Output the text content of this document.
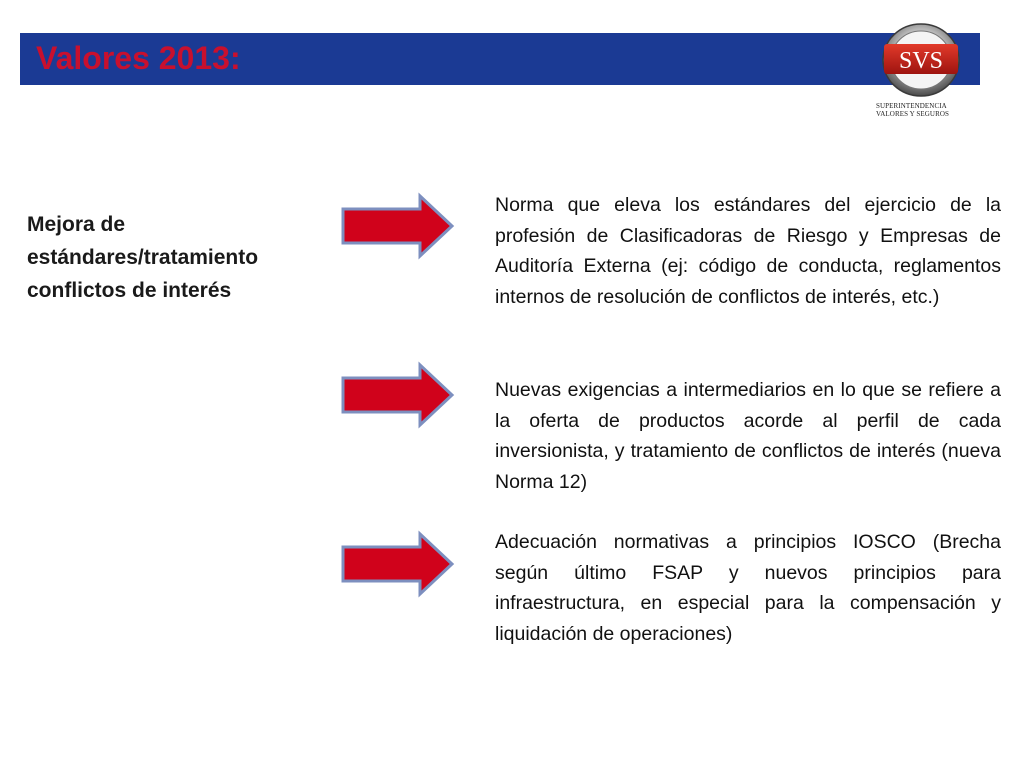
Valores 2013:	SVS
SUPERINTENDENCIA
VALORES Y SEGUROS
Mejora de estándares/tratamiento conflictos de interés
Norma que eleva los estándares del ejercicio de la profesión de Clasificadoras de Riesgo y Empresas de Auditoría Externa (ej: código de conducta, reglamentos internos de resolución de conflictos de interés, etc.)
Nuevas exigencias a intermediarios en lo que se refiere a la oferta de productos acorde al perfil de cada inversionista, y tratamiento de conflictos de interés (nueva Norma 12)
Adecuación normativas a principios IOSCO (Brecha según último FSAP y nuevos principios para infraestructura, en especial para la compensación y liquidación de operaciones)
